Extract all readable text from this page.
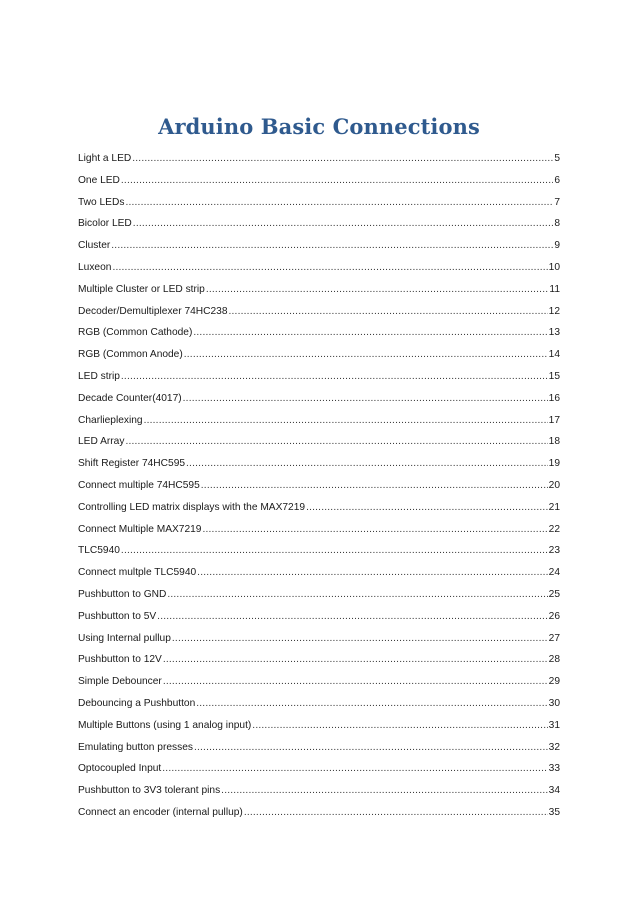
Arduino Basic Connections
Light a LED .....	5
One LED .....	6
Two LEDs .....	7
Bicolor LED .....	8
Cluster .....	9
Luxeon .....	10
Multiple Cluster or LED strip .....	11
Decoder/Demultiplexer 74HC238 .....	12
RGB (Common Cathode) .....	13
RGB (Common Anode) .....	14
LED strip .....	15
Decade Counter(4017) .....	16
Charlieplexing .....	17
LED Array .....	18
Shift Register 74HC595 .....	19
Connect multiple 74HC595 .....	20
Controlling LED matrix displays with the MAX7219 .....	21
Connect Multiple MAX7219 .....	22
TLC5940 .....	23
Connect multple TLC5940 .....	24
Pushbutton to GND .....	25
Pushbutton to 5V .....	26
Using Internal pullup .....	27
Pushbutton to 12V .....	28
Simple Debouncer .....	29
Debouncing a Pushbutton .....	30
Multiple Buttons (using 1 analog input) .....	31
Emulating button presses .....	32
Optocoupled Input .....	33
Pushbutton to 3V3 tolerant pins .....	34
Connect an encoder (internal pullup) .....	35
